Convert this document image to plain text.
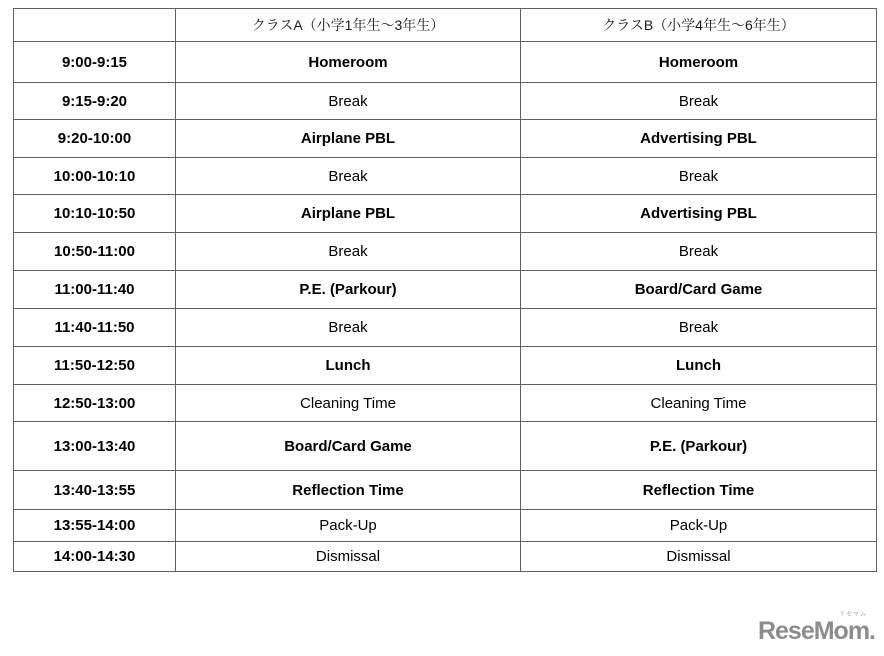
	クラスA（小学1年生～3年生）	クラスB（小学4年生～6年生）
9:00-9:15	Homeroom	Homeroom
9:15-9:20	Break	Break
9:20-10:00	Airplane PBL	Advertising PBL
10:00-10:10	Break	Break
10:10-10:50	Airplane PBL	Advertising PBL
10:50-11:00	Break	Break
11:00-11:40	P.E. (Parkour)	Board/Card Game
11:40-11:50	Break	Break
11:50-12:50	Lunch	Lunch
12:50-13:00	Cleaning Time	Cleaning Time
13:00-13:40	Board/Card Game	P.E. (Parkour)
13:40-13:55	Reflection Time	Reflection Time
13:55-14:00	Pack-Up	Pack-Up
14:00-14:30	Dismissal	Dismissal
ReseMom.
リセマム
